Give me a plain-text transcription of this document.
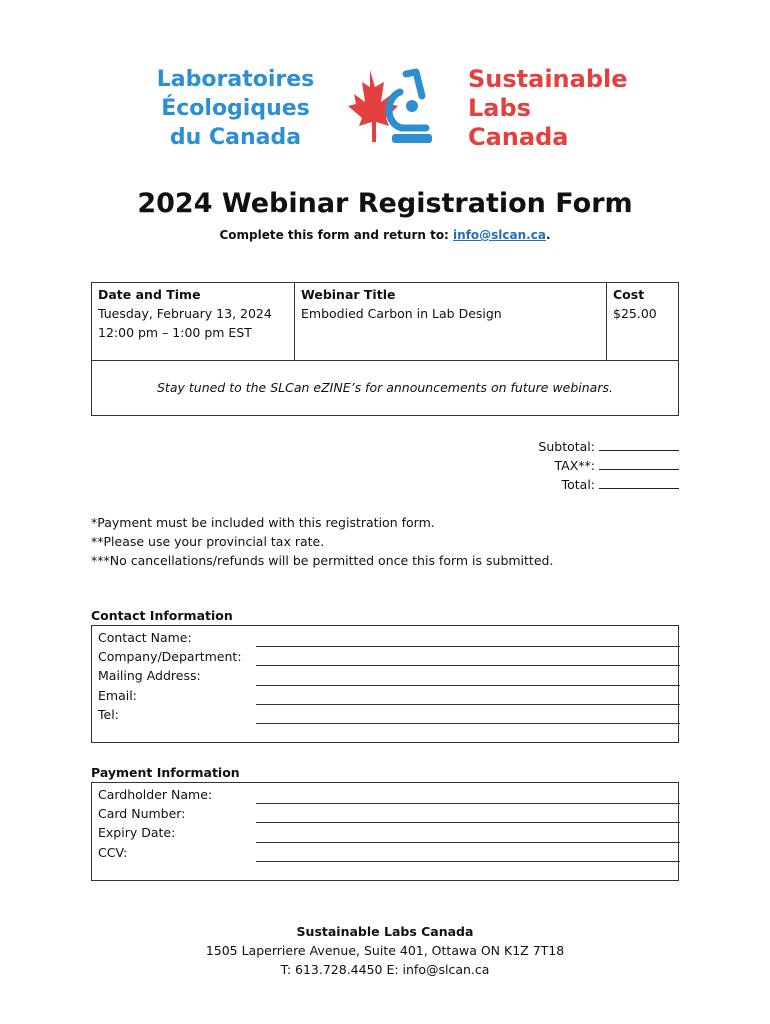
Laboratoires
Écologiques
du Canada
Sustainable
Labs
Canada
2024 Webinar Registration Form
Complete this form and return to: info@slcan.ca.
Date and Time
Tuesday, February 13, 2024
12:00 pm – 1:00 pm EST
Webinar Title
Embodied Carbon in Lab Design
Cost
$25.00
Stay tuned to the SLCan eZINE’s for announcements on future webinars.
Subtotal:
TAX**:
Total:
*Payment must be included with this registration form.
**Please use your provincial tax rate.
***No cancellations/refunds will be permitted once this form is submitted.
Contact Information
Contact Name:
Company/Department:
Mailing Address:
Email:
Tel:
Payment Information
Cardholder Name:
Card Number:
Expiry Date:
CCV:
Sustainable Labs Canada
1505 Laperriere Avenue, Suite 401, Ottawa ON K1Z 7T18
T: 613.728.4450 E: info@slcan.ca
